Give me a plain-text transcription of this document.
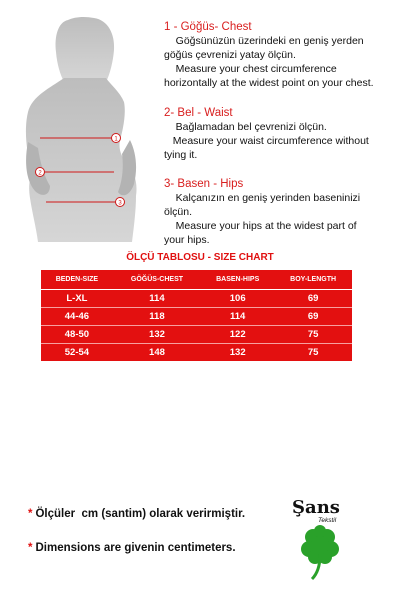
1
2
3
1 - Göğüs- Chest
Göğsünüzün üzerindeki en geniş yerden
göğüs çevrenizi yatay ölçün.
Measure your chest circumference
horizontally at the widest point on your chest.
2- Bel - Waist
Bağlamadan bel çevrenizi ölçün.
Measure your waist circumference without
tying it.
3- Basen - Hips
Kalçanızın en geniş yerinden baseninizi
ölçün.
Measure your hips at the widest part of
your hips.
ÖLÇÜ TABLOSU - SIZE CHART
BEDEN-SIZE	GÖĞÜS-CHEST	BASEN-HIPS	BOY-LENGTH
L-XL	114	106	69
44-46	118	114	69
48-50	132	122	75
52-54	148	132	75
* Ölçüler  cm (santim) olarak verirmiştir.
* Dimensions are givenin centimeters.
Şans
Tekstil
